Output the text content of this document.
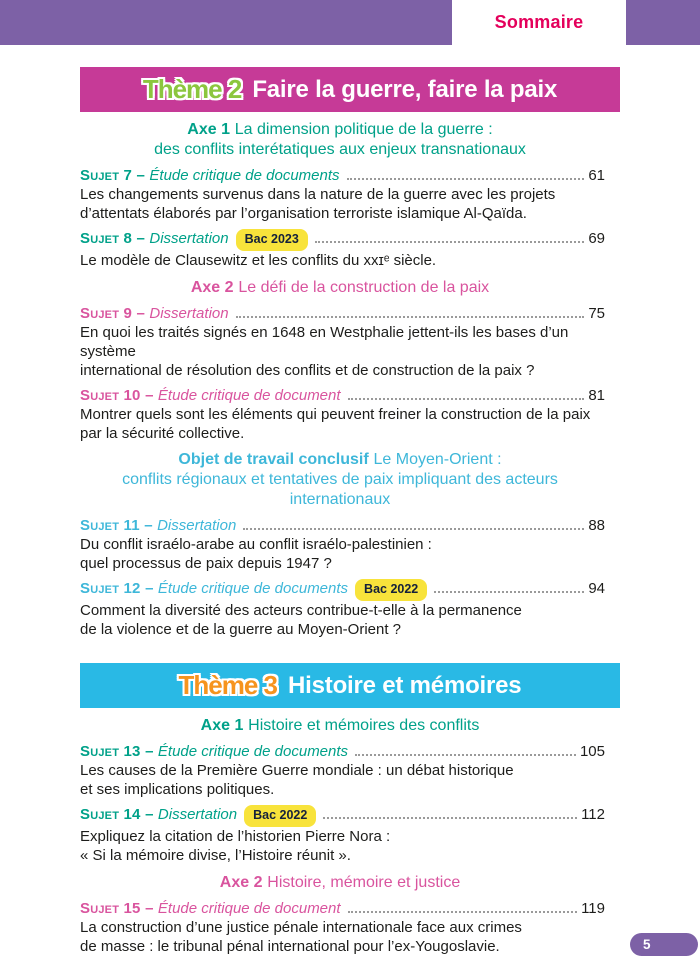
Sommaire
Thème 2 Faire la guerre, faire la paix
Axe 1 La dimension politique de la guerre :
des conflits interétatiques aux enjeux transnationaux
Sujet 7 – Étude critique de documents	61
Les changements survenus dans la nature de la guerre avec les projets
d’attentats élaborés par l’organisation terroriste islamique Al-Qaïda.
Sujet 8 – Dissertation	Bac 2023	69
Le modèle de Clausewitz et les conflits du xxɪᵉ siècle.
Axe 2 Le défi de la construction de la paix
Sujet 9 – Dissertation	75
En quoi les traités signés en 1648 en Westphalie jettent-ils les bases d’un système
international de résolution des conflits et de construction de la paix ?
Sujet 10 – Étude critique de document	81
Montrer quels sont les éléments qui peuvent freiner la construction de la paix
par la sécurité collective.
Objet de travail conclusif Le Moyen-Orient :
conflits régionaux et tentatives de paix impliquant des acteurs internationaux
Sujet 11 – Dissertation	88
Du conflit israélo-arabe au conflit israélo-palestinien :
quel processus de paix depuis 1947 ?
Sujet 12 – Étude critique de documents	Bac 2022	94
Comment la diversité des acteurs contribue-t-elle à la permanence
de la violence et de la guerre au Moyen-Orient ?
Thème 3 Histoire et mémoires
Axe 1 Histoire et mémoires des conflits
Sujet 13 – Étude critique de documents	105
Les causes de la Première Guerre mondiale : un débat historique
et ses implications politiques.
Sujet 14 – Dissertation	Bac 2022	112
Expliquez la citation de l’historien Pierre Nora :
« Si la mémoire divise, l’Histoire réunit ».
Axe 2 Histoire, mémoire et justice
Sujet 15 – Étude critique de document	119
La construction d’une justice pénale internationale face aux crimes
de masse : le tribunal pénal international pour l’ex-Yougoslavie.	5
